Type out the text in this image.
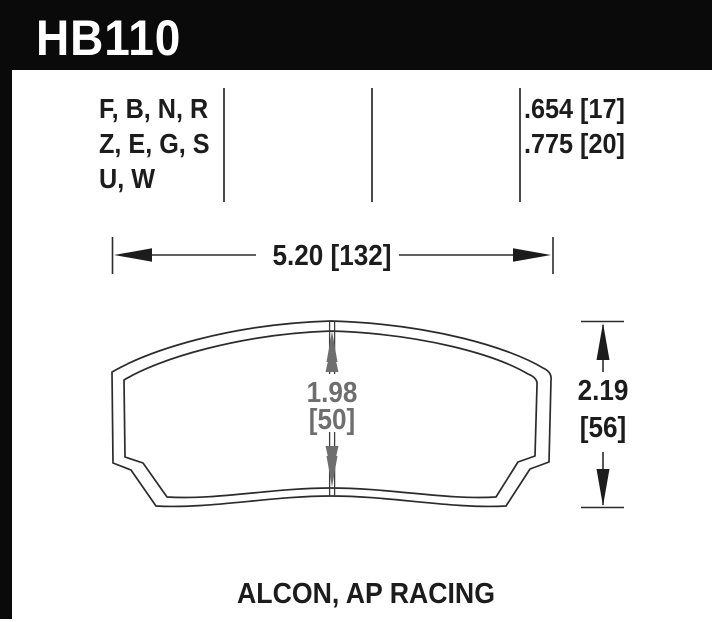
HB110
F, B, N, R
Z, E, G, S
U, W
.654 [17]
.775 [20]
5.20 [132]
2.19
[56]
1.98
[50]
ALCON, AP RACING
